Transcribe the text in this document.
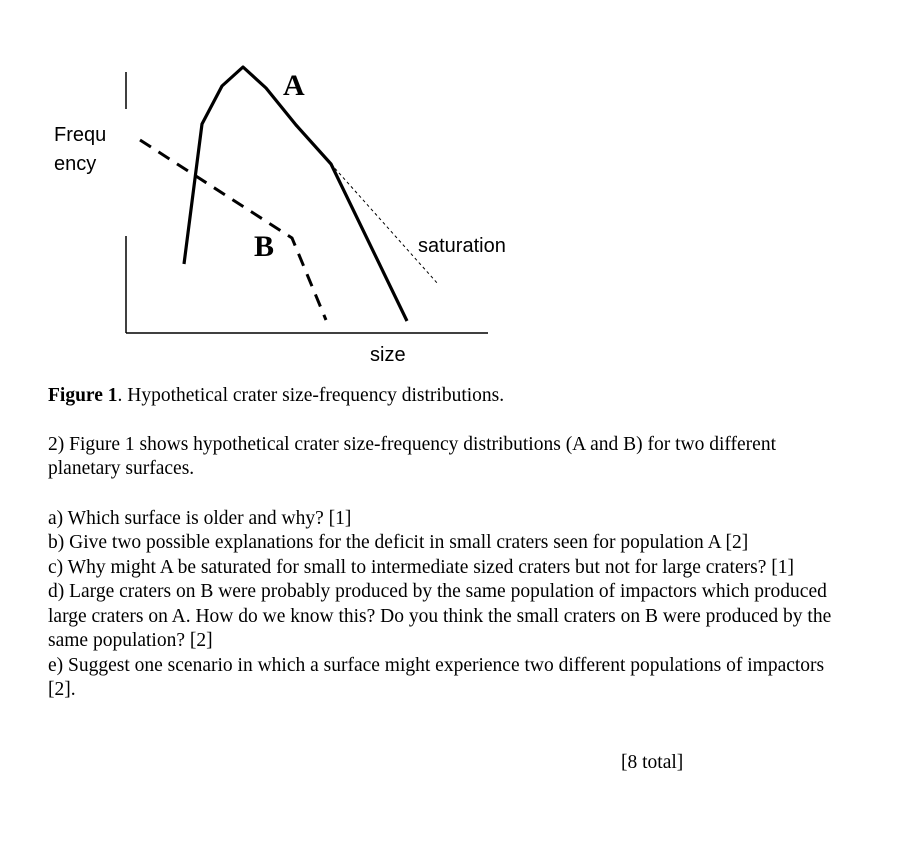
Frequ
ency
size
A
B	saturation

Figure 1. Hypothetical crater size-frequency distributions.

2) Figure 1 shows hypothetical crater size-frequency distributions (A and B) for two different planetary surfaces.

a) Which surface is older and why? [1]

b) Give two possible explanations for the deficit in small craters seen for population A [2]

c) Why might A be saturated for small to intermediate sized craters but not for large craters? [1]

d) Large craters on B were probably produced by the same population of impactors which produced large craters on A. How do we know this? Do you think the small craters on B were produced by the same population? [2]

e) Suggest one scenario in which a surface might experience two different populations of impactors [2].

[8 total]
